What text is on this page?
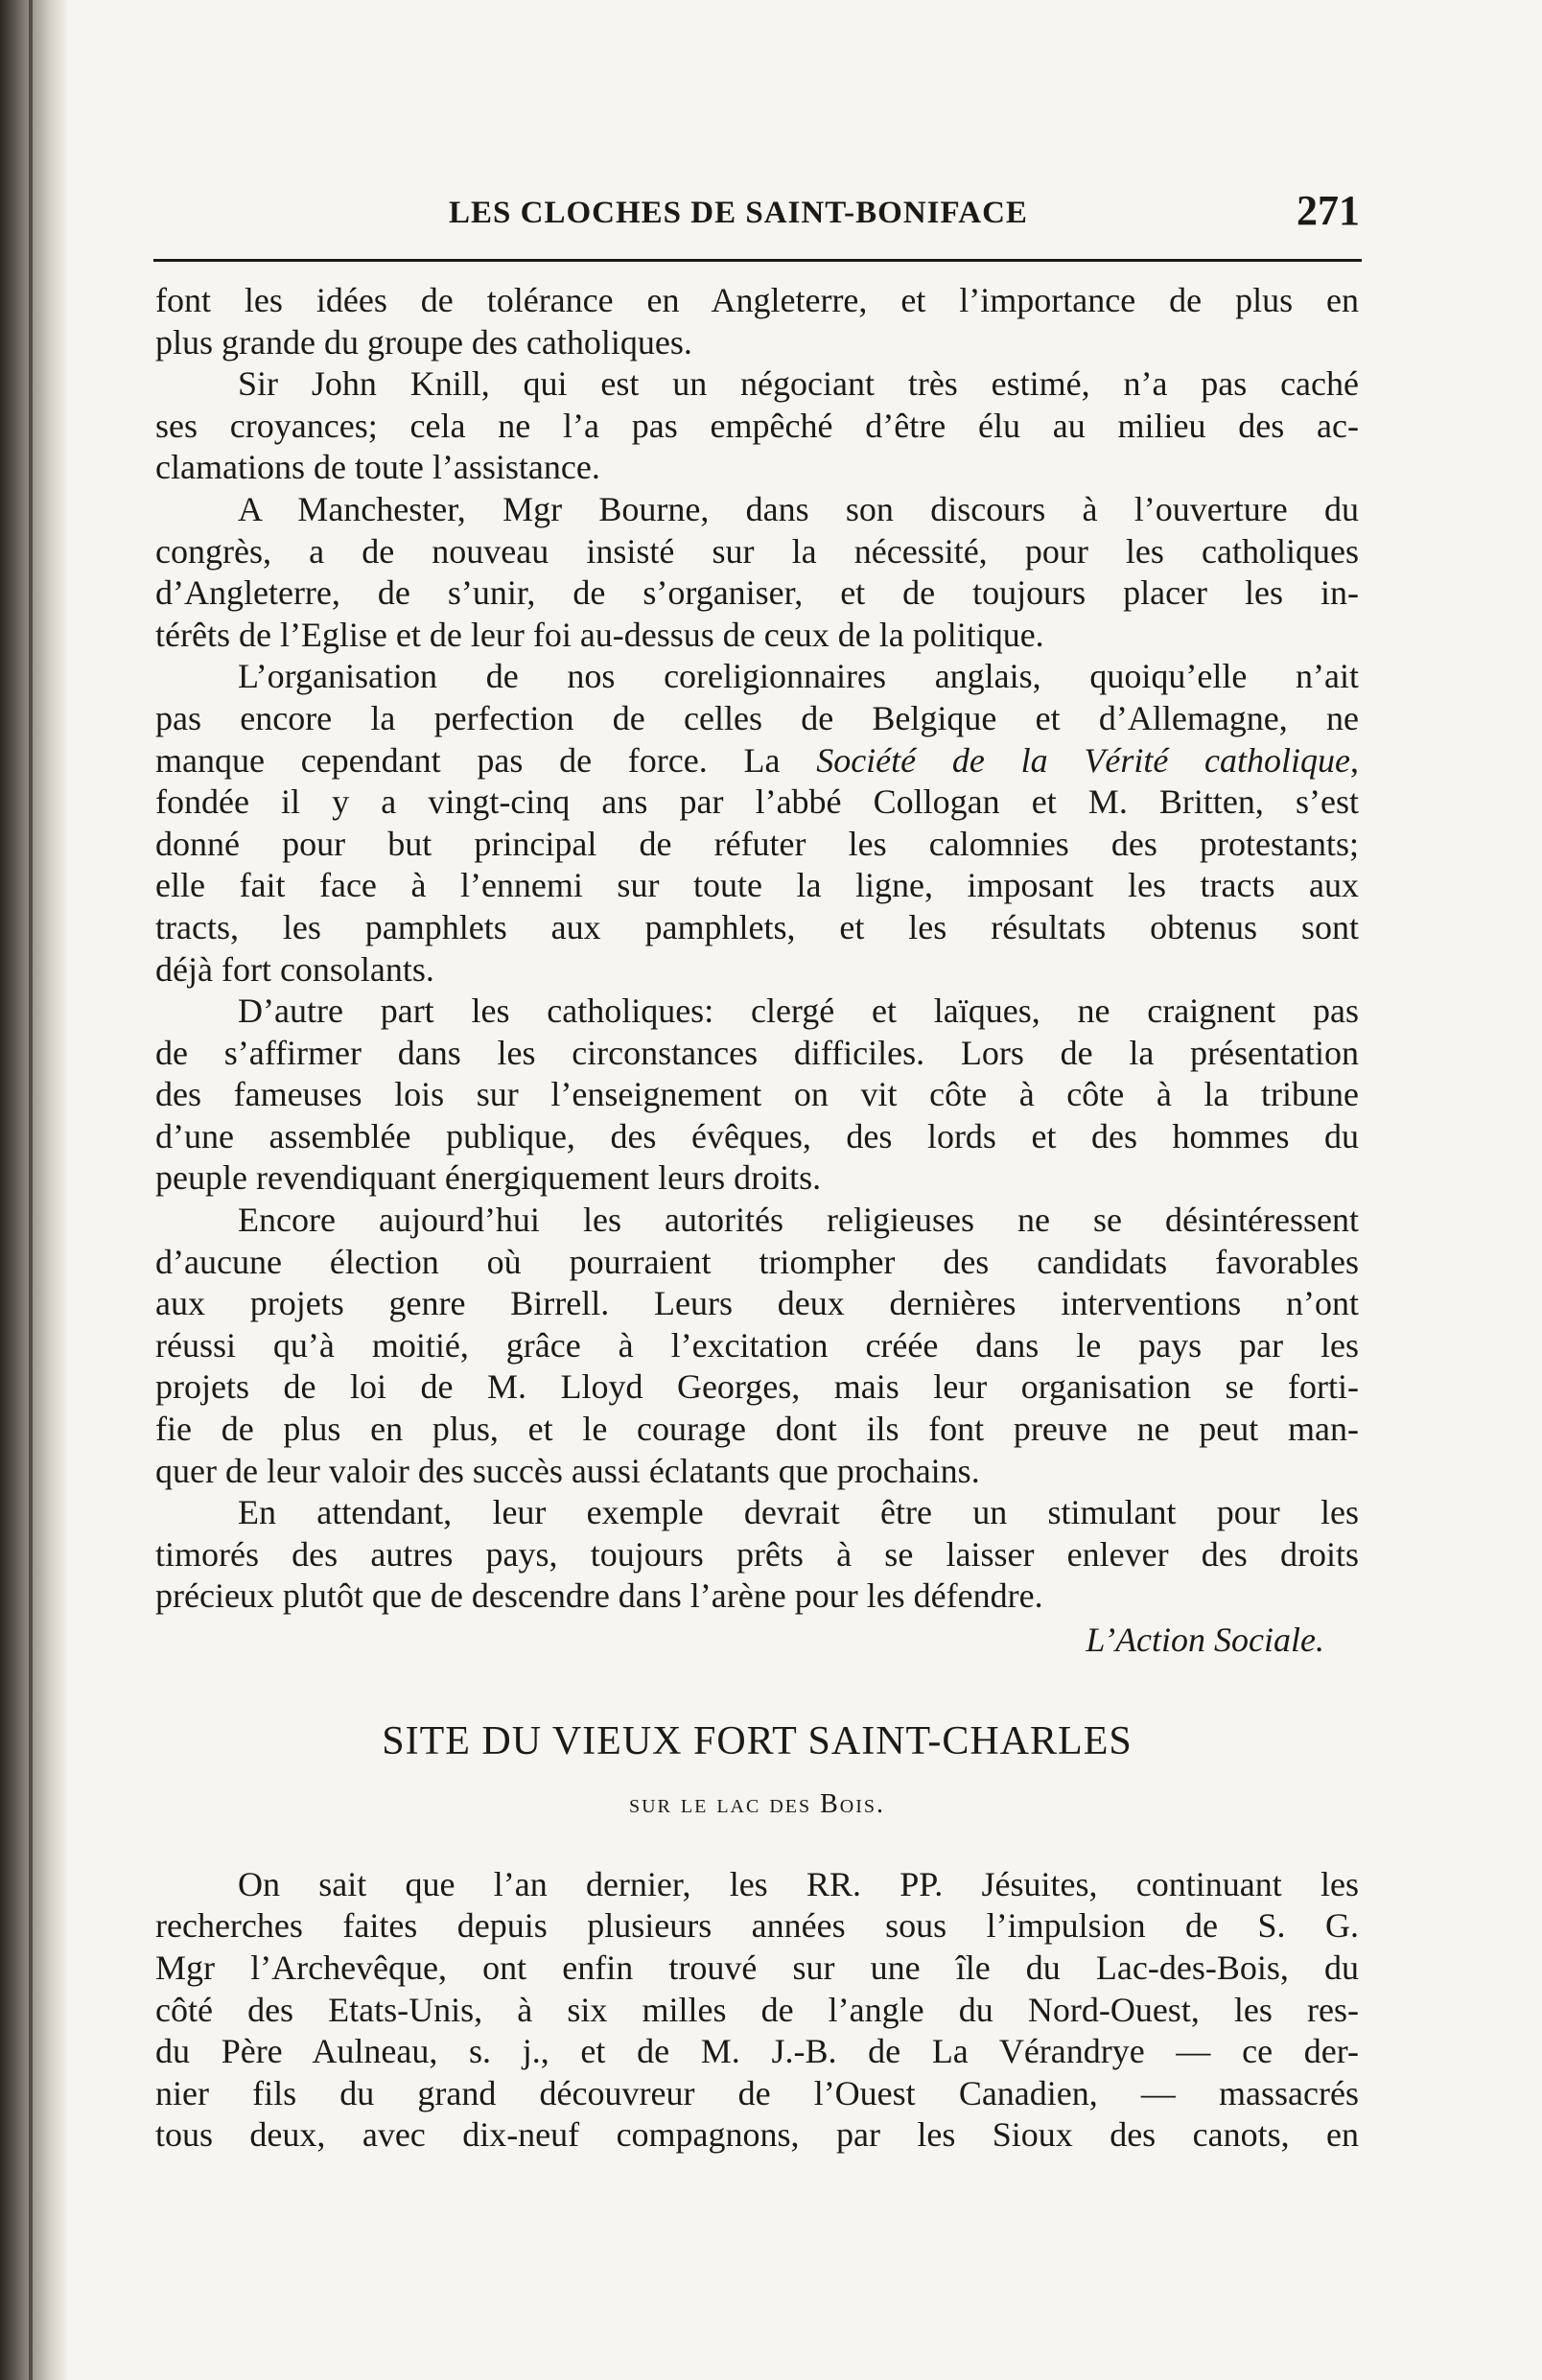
LES CLOCHES DE SAINT-BONIFACE	271
font les idées de tolérance en Angleterre, et l’importance de plus en
plus grande du groupe des catholiques.
Sir John Knill, qui est un négociant très estimé, n’a pas caché
ses croyances; cela ne l’a pas empêché d’être élu au milieu des ac-
clamations de toute l’assistance.
A Manchester, Mgr Bourne, dans son discours à l’ouverture du
congrès, a de nouveau insisté sur la nécessité, pour les catholiques
d’Angleterre, de s’unir, de s’organiser, et de toujours placer les in-
térêts de l’Eglise et de leur foi au-dessus de ceux de la politique.
L’organisation de nos coreligionnaires anglais, quoiqu’elle n’ait
pas encore la perfection de celles de Belgique et d’Allemagne, ne
manque cependant pas de force. La Société de la Vérité catholique,
fondée il y a vingt-cinq ans par l’abbé Collogan et M. Britten, s’est
donné pour but principal de réfuter les calomnies des protestants;
elle fait face à l’ennemi sur toute la ligne, imposant les tracts aux
tracts, les pamphlets aux pamphlets, et les résultats obtenus sont
déjà fort consolants.
D’autre part les catholiques: clergé et laïques, ne craignent pas
de s’affirmer dans les circonstances difficiles. Lors de la présentation
des fameuses lois sur l’enseignement on vit côte à côte à la tribune
d’une assemblée publique, des évêques, des lords et des hommes du
peuple revendiquant énergiquement leurs droits.
Encore aujourd’hui les autorités religieuses ne se désintéressent
d’aucune élection où pourraient triompher des candidats favorables
aux projets genre Birrell. Leurs deux dernières interventions n’ont
réussi qu’à moitié, grâce à l’excitation créée dans le pays par les
projets de loi de M. Lloyd Georges, mais leur organisation se forti-
fie de plus en plus, et le courage dont ils font preuve ne peut man-
quer de leur valoir des succès aussi éclatants que prochains.
En attendant, leur exemple devrait être un stimulant pour les
timorés des autres pays, toujours prêts à se laisser enlever des droits
précieux plutôt que de descendre dans l’arène pour les défendre.
L’Action Sociale.
SITE DU VIEUX FORT SAINT-CHARLES
sur le lac des Bois.
On sait que l’an dernier, les RR. PP. Jésuites, continuant les
recherches faites depuis plusieurs années sous l’impulsion de S. G.
Mgr l’Archevêque, ont enfin trouvé sur une île du Lac-des-Bois, du
côté des Etats-Unis, à six milles de l’angle du Nord-Ouest, les res-
du Père Aulneau, s. j., et de M. J.-B. de La Vérandrye — ce der-
nier fils du grand découvreur de l’Ouest Canadien, — massacrés
tous deux, avec dix-neuf compagnons, par les Sioux des canots, en
